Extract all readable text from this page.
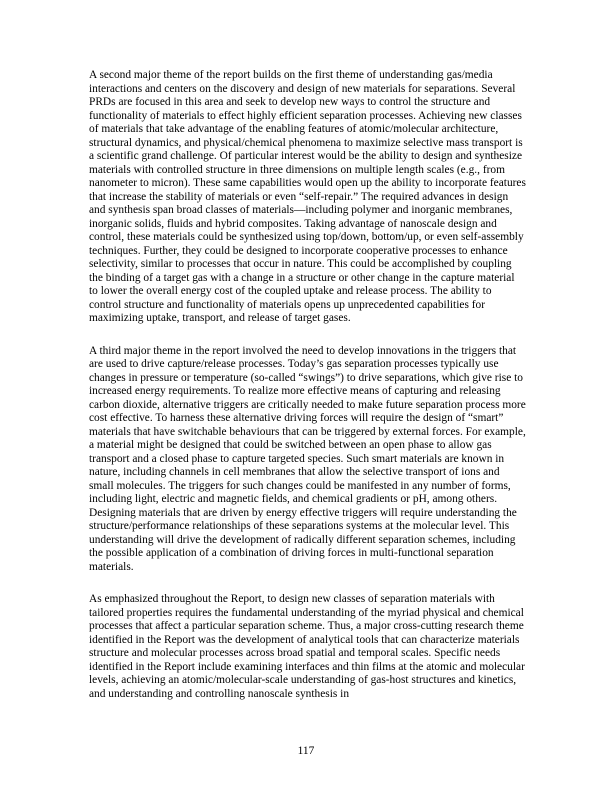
A second major theme of the report builds on the first theme of understanding gas/media interactions and centers on the discovery and design of new materials for separations. Several PRDs are focused in this area and seek to develop new ways to control the structure and functionality of materials to effect highly efficient separation processes. Achieving new classes of materials that take advantage of the enabling features of atomic/molecular architecture, structural dynamics, and physical/chemical phenomena to maximize selective mass transport is a scientific grand challenge. Of particular interest would be the ability to design and synthesize materials with controlled structure in three dimensions on multiple length scales (e.g., from nanometer to micron). These same capabilities would open up the ability to incorporate features that increase the stability of materials or even “self-repair.” The required advances in design and synthesis span broad classes of materials—including polymer and inorganic membranes, inorganic solids, fluids and hybrid composites. Taking advantage of nanoscale design and control, these materials could be synthesized using top/down, bottom/up, or even self-assembly techniques. Further, they could be designed to incorporate cooperative processes to enhance selectivity, similar to processes that occur in nature. This could be accomplished by coupling the binding of a target gas with a change in a structure or other change in the capture material to lower the overall energy cost of the coupled uptake and release process. The ability to control structure and functionality of materials opens up unprecedented capabilities for maximizing uptake, transport, and release of target gases.

A third major theme in the report involved the need to develop innovations in the triggers that are used to drive capture/release processes. Today’s gas separation processes typically use changes in pressure or temperature (so-called “swings”) to drive separations, which give rise to increased energy requirements. To realize more effective means of capturing and releasing carbon dioxide, alternative triggers are critically needed to make future separation process more cost effective. To harness these alternative driving forces will require the design of “smart” materials that have switchable behaviours that can be triggered by external forces. For example, a material might be designed that could be switched between an open phase to allow gas transport and a closed phase to capture targeted species. Such smart materials are known in nature, including channels in cell membranes that allow the selective transport of ions and small molecules. The triggers for such changes could be manifested in any number of forms, including light, electric and magnetic fields, and chemical gradients or pH, among others. Designing materials that are driven by energy effective triggers will require understanding the structure/performance relationships of these separations systems at the molecular level. This understanding will drive the development of radically different separation schemes, including the possible application of a combination of driving forces in multi-functional separation materials.

As emphasized throughout the Report, to design new classes of separation materials with tailored properties requires the fundamental understanding of the myriad physical and chemical processes that affect a particular separation scheme. Thus, a major cross-cutting research theme identified in the Report was the development of analytical tools that can characterize materials structure and molecular processes across broad spatial and temporal scales. Specific needs identified in the Report include examining interfaces and thin films at the atomic and molecular levels, achieving an atomic/molecular-scale understanding of gas-host structures and kinetics, and understanding and controlling nanoscale synthesis in

117
